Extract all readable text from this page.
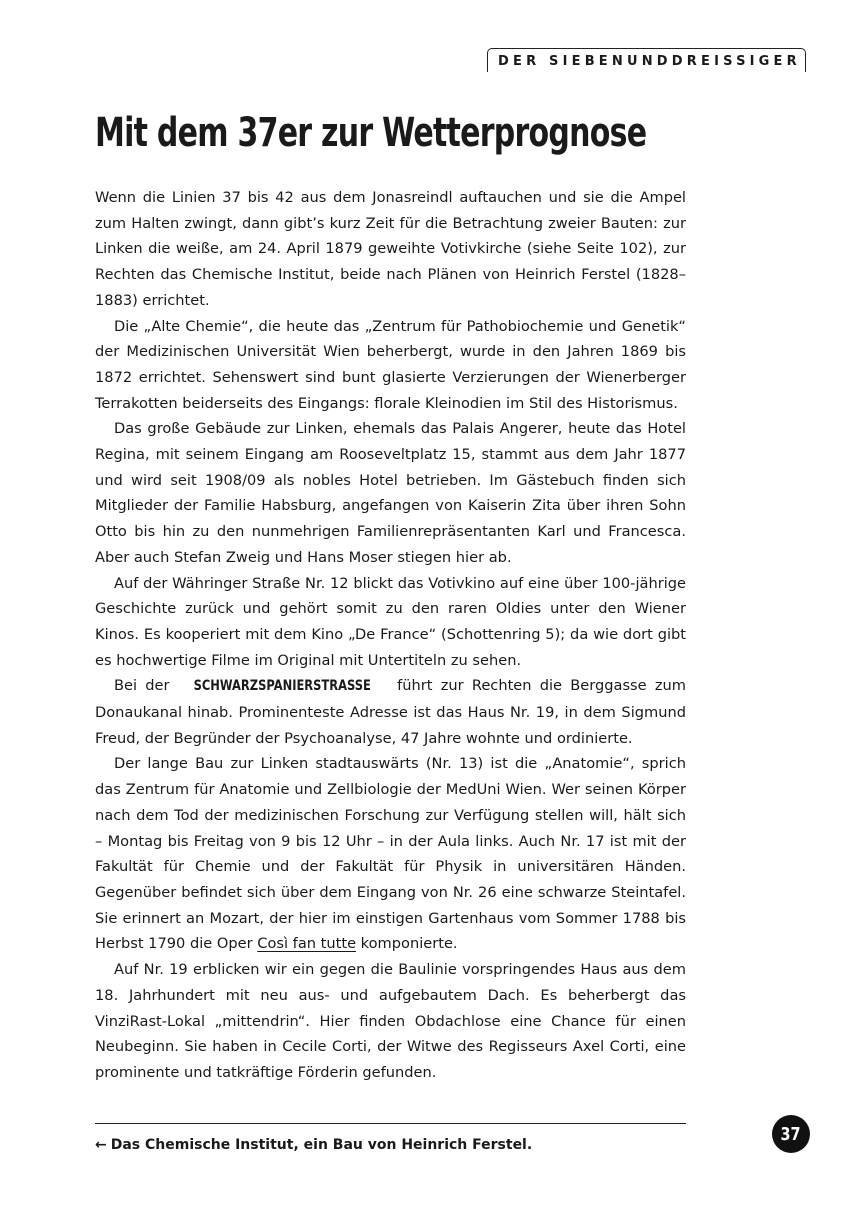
DER SIEBENUNDDREISSIGER
Mit dem 37er zur Wetterprognose

Wenn die Linien 37 bis 42 aus dem Jonasreindl auftauchen und sie die Ampel zum Halten zwingt, dann gibt’s kurz Zeit für die Betrachtung zweier Bauten: zur Linken die weiße, am 24. April 1879 geweihte Votivkirche (siehe Seite 102), zur Rechten das Chemische Institut, beide nach Plänen von Heinrich Ferstel (1828–1883) errichtet.

Die „Alte Chemie“, die heute das „Zentrum für Pathobiochemie und Genetik“ der Medizinischen Universität Wien beherbergt, wurde in den Jahren 1869 bis 1872 errichtet. Sehenswert sind bunt glasierte Verzierungen der Wienerberger Terrakotten beiderseits des Eingangs: florale Kleinodien im Stil des Historismus.

Das große Gebäude zur Linken, ehemals das Palais Angerer, heute das Hotel Regina, mit seinem Eingang am Rooseveltplatz 15, stammt aus dem Jahr 1877 und wird seit 1908/09 als nobles Hotel betrieben. Im Gästebuch finden sich Mitglieder der Familie Habsburg, angefangen von Kaiserin Zita über ihren Sohn Otto bis hin zu den nunmehrigen Familienrepräsentanten Karl und Francesca. Aber auch Stefan Zweig und Hans Moser stiegen hier ab.

Auf der Währinger Straße Nr. 12 blickt das Votivkino auf eine über 100-jährige Geschichte zurück und gehört somit zu den raren Oldies unter den Wiener Kinos. Es kooperiert mit dem Kino „De France“ (Schottenring 5); da wie dort gibt es hochwertige Filme im Original mit Untertiteln zu sehen.

Bei der SCHWARZSPANIERSTRASSE führt zur Rechten die Berggasse zum Donaukanal hinab. Prominenteste Adresse ist das Haus Nr. 19, in dem Sigmund Freud, der Begründer der Psychoanalyse, 47 Jahre wohnte und ordinierte.

Der lange Bau zur Linken stadtauswärts (Nr. 13) ist die „Anatomie“, sprich das Zentrum für Anatomie und Zellbiologie der MedUni Wien. Wer seinen Körper nach dem Tod der medizinischen Forschung zur Verfügung stellen will, hält sich – Montag bis Freitag von 9 bis 12 Uhr – in der Aula links. Auch Nr. 17 ist mit der Fakultät für Chemie und der Fakultät für Physik in universitären Händen. Gegenüber befindet sich über dem Eingang von Nr. 26 eine schwarze Steintafel. Sie erinnert an Mozart, der hier im einstigen Gartenhaus vom Sommer 1788 bis Herbst 1790 die Oper Così fan tutte komponierte.

Auf Nr. 19 erblicken wir ein gegen die Baulinie vorspringendes Haus aus dem 18. Jahrhundert mit neu aus- und aufgebautem Dach. Es beherbergt das VinziRast-Lokal „mittendrin“. Hier finden Obdachlose eine Chance für einen Neubeginn. Sie haben in Cecile Corti, der Witwe des Regisseurs Axel Corti, eine prominente und tatkräftige Förderin gefunden.

← Das Chemische Institut, ein Bau von Heinrich Ferstel.
37
